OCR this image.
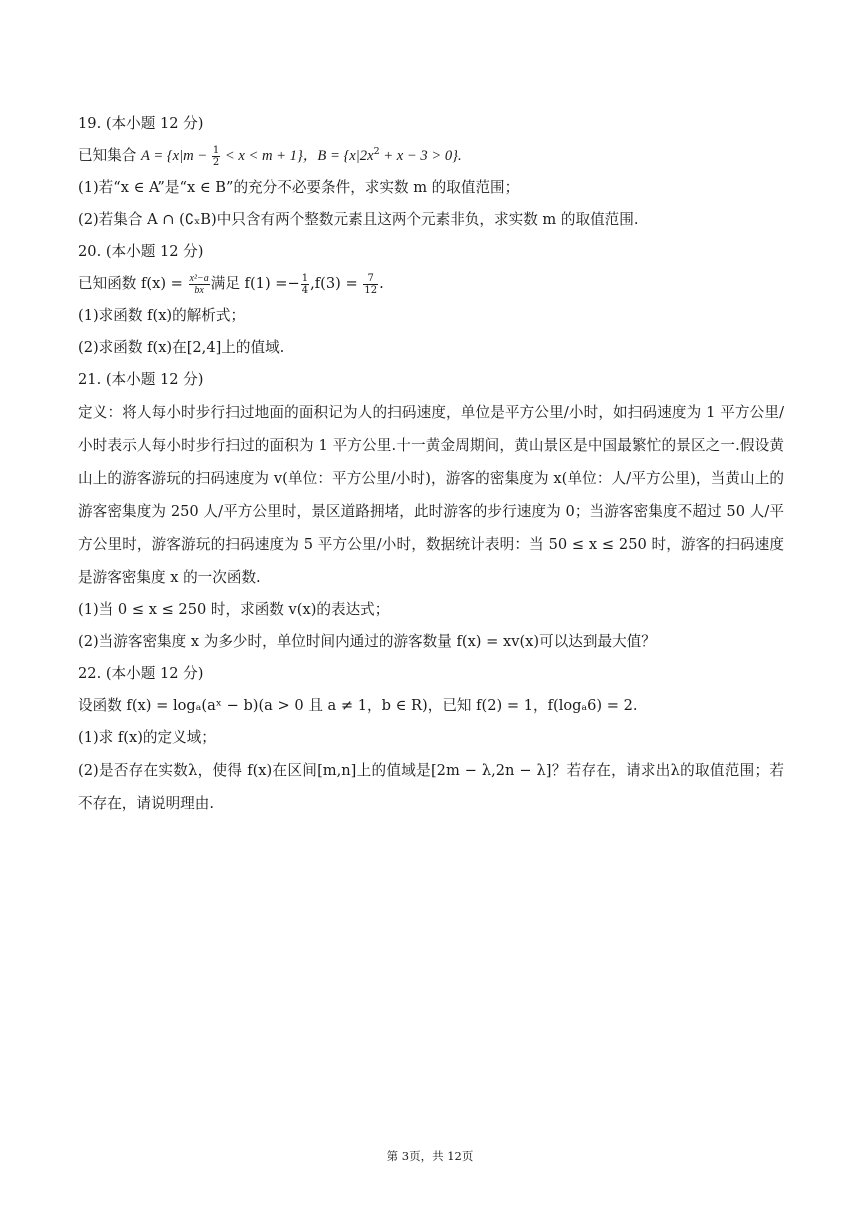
19. (本小题 12 分)

已知集合 $A = \{x|m - \frac{1}{2} < x < m + 1\}$，$B = \{x|2x^2 + x - 3 > 0\}$.

(1)若“x ∈ A”是“x ∈ B”的充分不必要条件，求实数 m 的取值范围；

(2)若集合 A ∩ (∁ₓB)中只含有两个整数元素且这两个元素非负，求实数 m 的取值范围.

20. (本小题 12 分)

已知函数 $f(x) = \frac{\text{x²−a}}{bx}$ 满足 $f(1) =- \frac{1}{4} ,f(3) = \frac{7}{12}$ .

(1)求函数 f(x)的解析式；

(2)求函数 f(x)在[2,4]上的值域.

21. (本小题 12 分)

定义：将人每小时步行扫过地面的面积记为人的扫码速度，单位是平方公里/小时，如扫码速度为 1 平方公里/小时表示人每小时步行扫过的面积为 1 平方公里.十一黄金周期间，黄山景区是中国最繁忙的景区之一.假设黄山上的游客游玩的扫码速度为 v(单位：平方公里/小时)，游客的密集度为 x(单位：人/平方公里)，当黄山上的游客密集度为 250 人/平方公里时，景区道路拥堵，此时游客的步行速度为 0；当游客密集度不超过 50 人/平方公里时，游客游玩的扫码速度为 5 平方公里/小时，数据统计表明：当 50 ≤ x ≤ 250 时，游客的扫码速度是游客密集度 x 的一次函数.

(1)当 0 ≤ x ≤ 250 时，求函数 v(x)的表达式；

(2)当游客密集度 x 为多少时，单位时间内通过的游客数量 f(x) = xv(x)可以达到最大值？

22. (本小题 12 分)

设函数 f(x) = logₐ(aˣ − b)(a > 0 且 a ≠ 1，b ∈ R)，已知 f(2) = 1，f(logₐ6) = 2.

(1)求 f(x)的定义域；

(2)是否存在实数λ，使得 f(x)在区间[m,n]上的值域是[2m − λ,2n − λ]？若存在，请求出λ的取值范围；若不存在，请说明理由.

第 3页，共 12页
